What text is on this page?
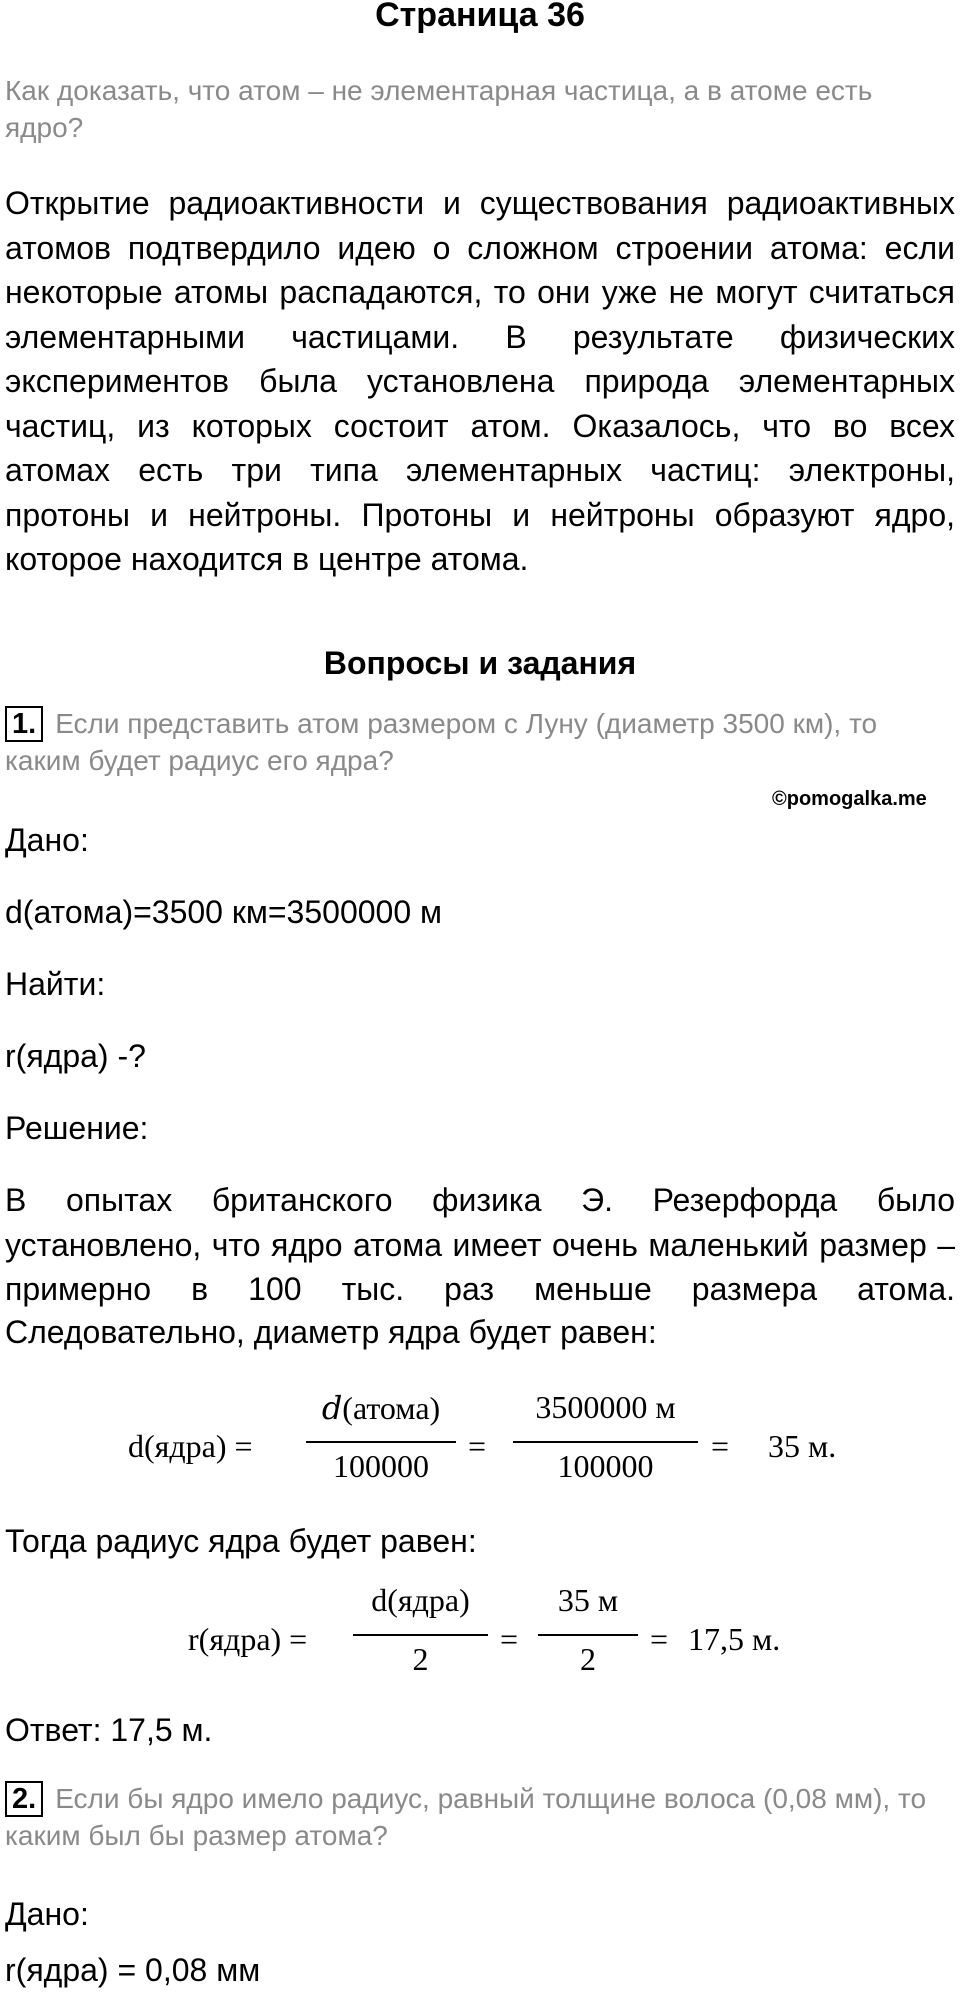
Страница 36

Как доказать, что атом – не элементарная частица, а в атоме есть ядро?

Открытие радиоактивности и существования радиоактивных атомов подтвердило идею о сложном строении атома: если некоторые атомы распадаются, то они уже не могут считаться элементарными частицами. В результате физических экспериментов была установлена природа элементарных частиц, из которых состоит атом. Оказалось, что во всех атомах есть три типа элементарных частиц: электроны, протоны и нейтроны. Протоны и нейтроны образуют ядро, которое находится в центре атома.

Вопросы и задания

1. Если представить атом размером с Луну (диаметр 3500 км), то каким будет радиус его ядра?

©pomogalka.me
Дано:
d(атома)=3500 км=3500000 м
Найти:
r(ядра) -?
Решение:

В опытах британского физика Э. Резерфорда было установлено, что ядро атома имеет очень маленький размер – примерно в 100 тыс. раз меньше размера атома.

Следовательно, диаметр ядра будет равен:
d(ядра) =
𝑑(атома)
100000
=
3500000 м
100000
= 35 м.
Тогда радиус ядра будет равен:
r(ядра) =
d(ядра)
2
=
35 м
2
= 17,5 м.
Ответ: 17,5 м.

2. Если бы ядро имело радиус, равный толщине волоса (0,08 мм), то каким был бы размер атома?

Дано:
r(ядра) = 0,08 мм
